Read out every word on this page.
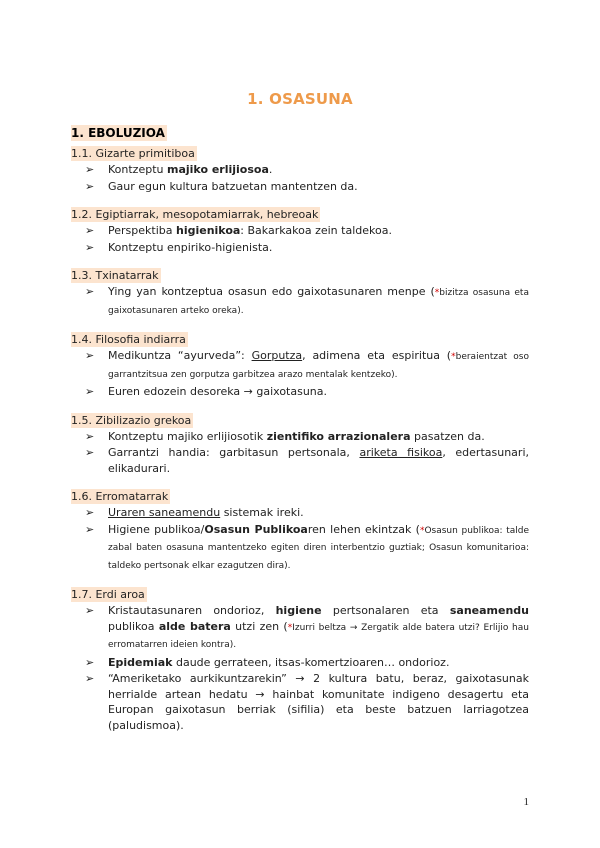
1. OSASUNA
1. EBOLUZIOA
1.1. Gizarte primitiboa
➢ Kontzeptu majiko erlijiosoa.
➢ Gaur egun kultura batzuetan mantentzen da.
1.2. Egiptiarrak, mesopotamiarrak, hebreoak
➢ Perspektiba higienikoa: Bakarkakoa zein taldekoa.
➢ Kontzeptu enpiriko-higienista.
1.3. Txinatarrak
➢ Ying yan kontzeptua osasun edo gaixotasunaren menpe (*bizitza osasuna eta gaixotasunaren arteko oreka).
1.4. Filosofia indiarra
➢ Medikuntza “ayurveda”: Gorputza, adimena eta espiritua (*beraientzat oso garrantzitsua zen gorputza garbitzea arazo mentalak kentzeko).
➢ Euren edozein desoreka → gaixotasuna.
1.5. Zibilizazio grekoa
➢ Kontzeptu majiko erlijiosotik zientifiko arrazionalera pasatzen da.
➢ Garrantzi handia: garbitasun pertsonala, ariketa fisikoa, edertasunari, elikadurari.
1.6. Erromatarrak
➢ Uraren saneamendu sistemak ireki.
➢ Higiene publikoa/Osasun Publikoaren lehen ekintzak (*Osasun publikoa: talde zabal baten osasuna mantentzeko egiten diren interbentzio guztiak; Osasun komunitarioa: taldeko pertsonak elkar ezagutzen dira).
1.7. Erdi aroa
➢ Kristautasunaren ondorioz, higiene pertsonalaren eta saneamendu publikoa alde batera utzi zen (*Izurri beltza → Zergatik alde batera utzi? Erlijio hau erromatarren ideien kontra).
➢ Epidemiak daude gerrateen, itsas-komertzioaren… ondorioz.
➢ “Ameriketako aurkikuntzarekin” → 2 kultura batu, beraz, gaixotasunak herrialde artean hedatu → hainbat komunitate indigeno desagertu eta Europan gaixotasun berriak (sifilia) eta beste batzuen larriagotzea (paludismoa).
1
